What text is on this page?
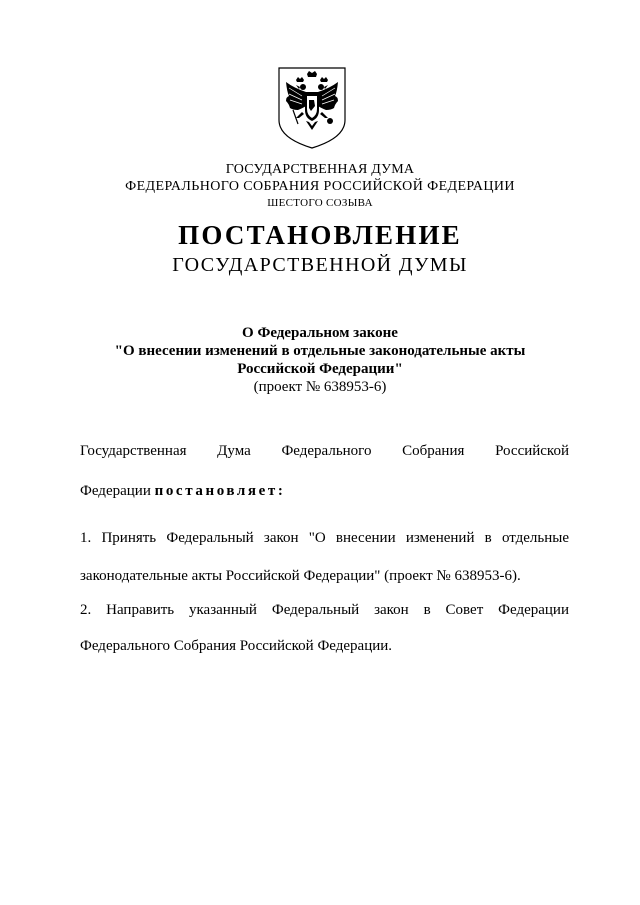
ГОСУДАРСТВЕННАЯ ДУМА
ФЕДЕРАЛЬНОГО СОБРАНИЯ РОССИЙСКОЙ ФЕДЕРАЦИИ
ШЕСТОГО СОЗЫВА
ПОСТАНОВЛЕНИЕ
ГОСУДАРСТВЕННОЙ ДУМЫ
О Федеральном законе
"О внесении изменений в отдельные законодательные акты
Российской Федерации"
(проект № 638953-6)
Государственная Дума Федерального Собрания Российской
Федерации постановляет:
1. Принять Федеральный закон "О внесении изменений в отдельные
законодательные акты Российской Федерации" (проект № 638953-6).
2. Направить указанный Федеральный закон в Совет Федерации
Федерального Собрания Российской Федерации.
